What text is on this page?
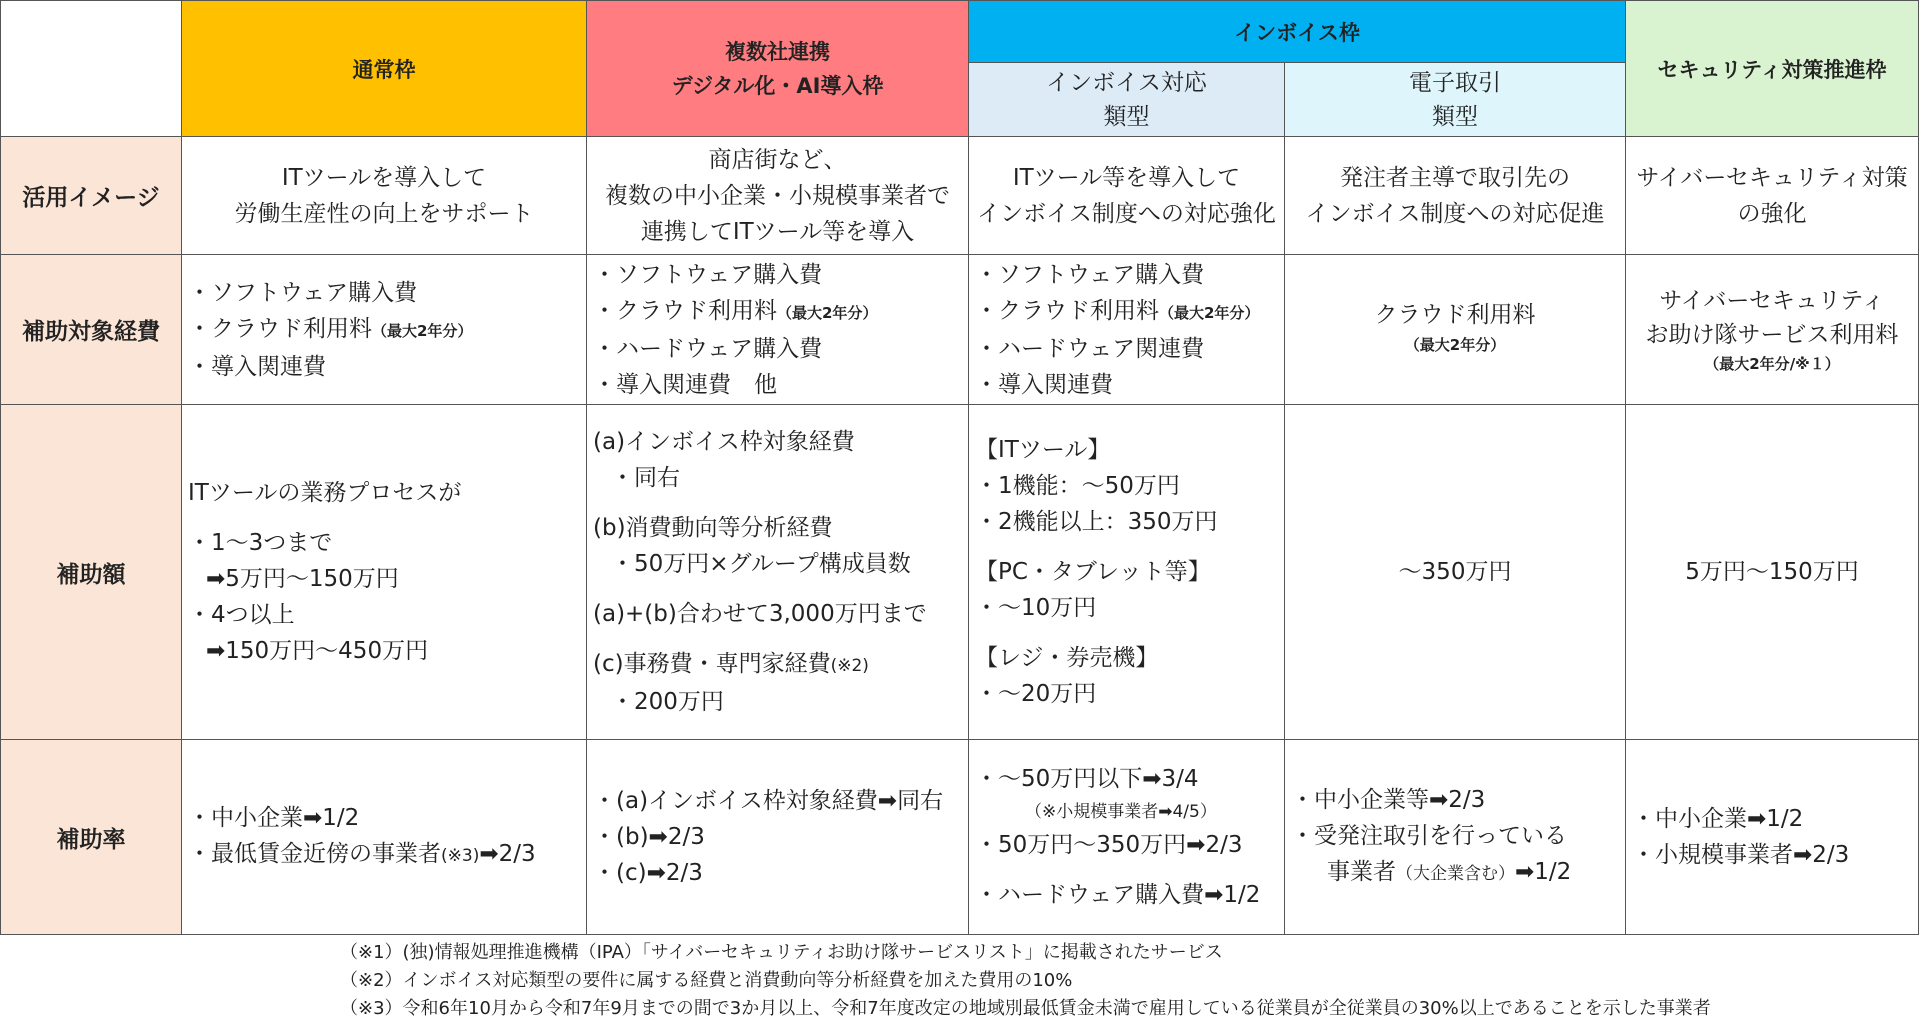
通常枠
複数社連携
デジタル化・AI導入枠
インボイス枠
インボイス対応
類型
電子取引
類型
セキュリティ対策推進枠
活用イメージ
ITツールを導入して
労働生産性の向上をサポート
商店街など、
複数の中小企業・小規模事業者で
連携してITツール等を導入
ITツール等を導入して
インボイス制度への対応強化
発注者主導で取引先の
インボイス制度への対応促進
サイバーセキュリティ対策
の強化
補助対象経費
・ソフトウェア購入費
・クラウド利用料（最大2年分）
・導入関連費
・ソフトウェア購入費
・クラウド利用料（最大2年分）
・ハードウェア購入費
・導入関連費　他
・ソフトウェア購入費
・クラウド利用料（最大2年分）
・ハードウェア関連費
・導入関連費
クラウド利用料
（最大2年分）
サイバーセキュリティ
お助け隊サービス利用料
（最大2年分/※１）
補助額
ITツールの業務プロセスが
・1～3つまで
➡5万円～150万円
・4つ以上
➡150万円～450万円
(a)インボイス枠対象経費
・同右
(b)消費動向等分析経費
・50万円×グループ構成員数
(a)+(b)合わせて3,000万円まで
(c)事務費・専門家経費(※2)
・200万円
【ITツール】
・1機能：～50万円
・2機能以上：350万円
【PC・タブレット等】
・～10万円
【レジ・券売機】
・～20万円
～350万円	5万円～150万円
補助率
・中小企業➡1/2
・最低賃金近傍の事業者(※3)➡2/3
・(a)インボイス枠対象経費➡同右
・(b)➡2/3
・(c)➡2/3
・～50万円以下➡3/4
（※小規模事業者➡4/5）
・50万円～350万円➡2/3
・ハードウェア購入費➡1/2
・中小企業等➡2/3
・受発注取引を行っている
事業者（大企業含む）➡1/2
・中小企業➡1/2
・小規模事業者➡2/3
（※1）(独)情報処理推進機構（IPA）「サイバーセキュリティお助け隊サービスリスト」に掲載されたサービス
（※2）インボイス対応類型の要件に属する経費と消費動向等分析経費を加えた費用の10%
（※3）令和6年10月から令和7年9月までの間で3か月以上、令和7年度改定の地域別最低賃金未満で雇用している従業員が全従業員の30%以上であることを示した事業者
